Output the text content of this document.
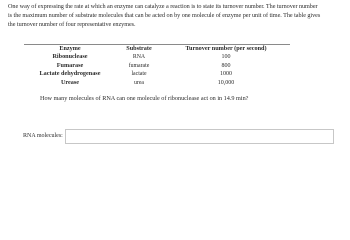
One way of expressing the rate at which an enzyme can catalyze a reaction is to state its turnover number. The turnover number
is the maximum number of substrate molecules that can be acted on by one molecule of enzyme per unit of time. The table gives
the turnover number of four representative enzymes.
Enzyme	Substrate	Turnover number (per second)
Ribonuclease	RNA	100
Fumarase	fumarate	800
Lactate dehydrogenase	lactate	1000
Urease	urea	10,000

How many molecules of RNA can one molecule of ribonuclease act on in 14.9 min?

RNA molecules:
